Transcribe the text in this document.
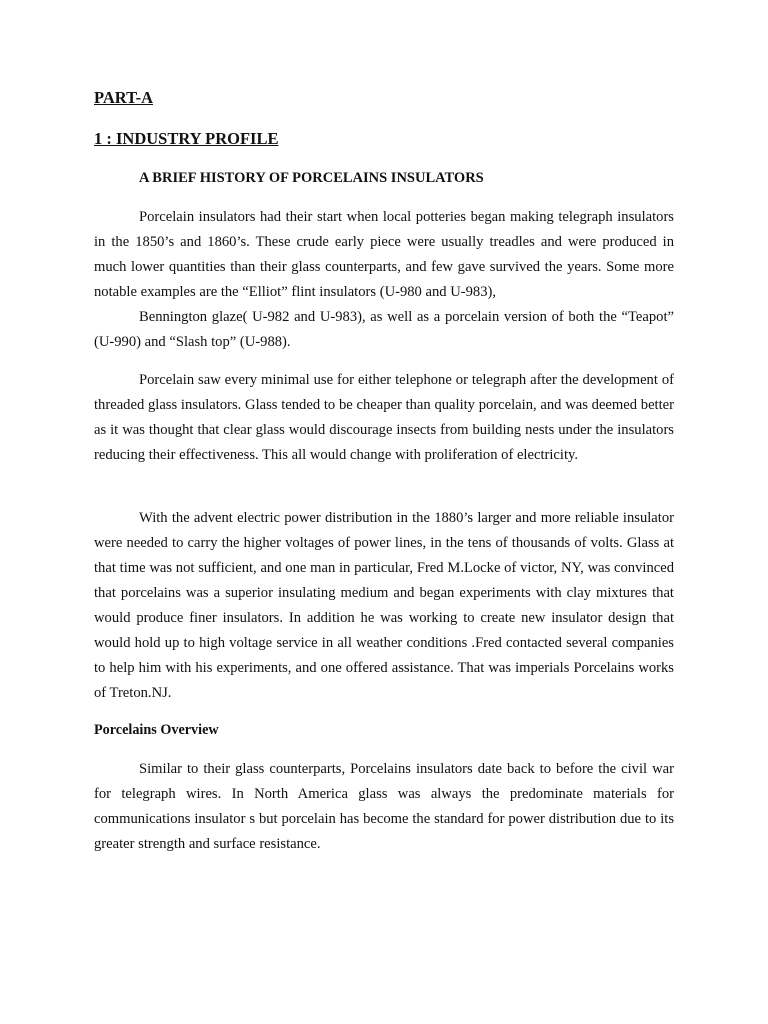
PART-A
1 : INDUSTRY PROFILE
A BRIEF HISTORY OF PORCELAINS INSULATORS
Porcelain insulators had their start when local potteries began making telegraph insulators in the 1850’s and 1860’s. These crude early piece were usually treadles and were produced in much lower quantities than their glass counterparts, and few gave survived the years. Some more notable examples are the “Elliot” flint insulators (U-980 and U-983),
Bennington glaze( U-982 and U-983), as well as a porcelain version of both the “Teapot” (U-990) and “Slash top” (U-988).

Porcelain saw every minimal use for either telephone or telegraph after the development of threaded glass insulators. Glass tended to be cheaper than quality porcelain, and was deemed better as it was thought that clear glass would discourage insects from building nests under the insulators reducing their effectiveness. This all would change with proliferation of electricity.

With the advent electric power distribution in the 1880’s larger and more reliable insulator were needed to carry the higher voltages of power lines, in the tens of thousands of volts. Glass at that time was not sufficient, and one man in particular, Fred M.Locke of victor, NY, was convinced that porcelains was a superior insulating medium and began experiments with clay mixtures that would produce finer insulators. In addition he was working to create new insulator design that would hold up to high voltage service in all weather conditions .Fred contacted several companies to help him with his experiments, and one offered assistance. That was imperials Porcelains works of Treton.NJ.

Porcelains Overview

Similar to their glass counterparts, Porcelains insulators date back to before the civil war for telegraph wires. In North America glass was always the predominate materials for communications insulator s but porcelain has become the standard for power distribution due to its greater strength and surface resistance.
